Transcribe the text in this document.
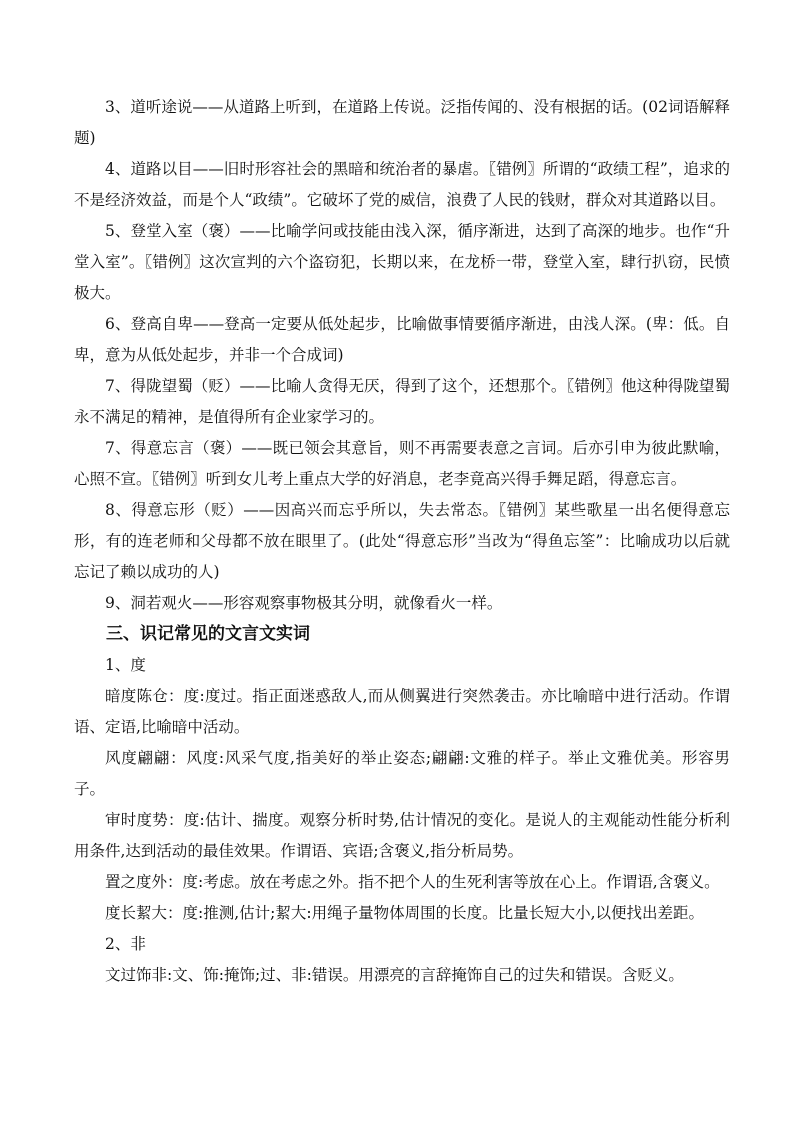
3、道听途说——从道路上听到，在道路上传说。泛指传闻的、没有根据的话。(02词语解释题)

4、道路以目——旧时形容社会的黑暗和统治者的暴虐。〖错例〗所谓的“政绩工程”，追求的不是经济效益，而是个人“政绩”。它破坏了党的威信，浪费了人民的钱财，群众对其道路以目。

5、登堂入室（褒）——比喻学问或技能由浅入深，循序渐进，达到了高深的地步。也作“升堂入室”。〖错例〗这次宣判的六个盗窃犯，长期以来，在龙桥一带，登堂入室，肆行扒窃，民愤极大。

6、登高自卑——登高一定要从低处起步，比喻做事情要循序渐进，由浅人深。(卑：低。自卑，意为从低处起步，并非一个合成词)

7、得陇望蜀（贬）——比喻人贪得无厌，得到了这个，还想那个。〖错例〗他这种得陇望蜀永不满足的精神，是值得所有企业家学习的。

7、得意忘言（褒）——既已领会其意旨，则不再需要表意之言词。后亦引申为彼此默喻，心照不宣。〖错例〗听到女儿考上重点大学的好消息，老李竟高兴得手舞足蹈，得意忘言。

8、得意忘形（贬）——因高兴而忘乎所以，失去常态。〖错例〗某些歌星一出名便得意忘形，有的连老师和父母都不放在眼里了。(此处“得意忘形”当改为“得鱼忘筌”：比喻成功以后就忘记了赖以成功的人)

9、洞若观火——形容观察事物极其分明，就像看火一样。

三、识记常见的文言文实词

1、度

暗度陈仓：度:度过。指正面迷惑敌人,而从侧翼进行突然袭击。亦比喻暗中进行活动。作谓语、定语,比喻暗中活动。

风度翩翩：风度:风采气度,指美好的举止姿态;翩翩:文雅的样子。举止文雅优美。形容男子。

审时度势：度:估计、揣度。观察分析时势,估计情况的变化。是说人的主观能动性能分析利用条件,达到活动的最佳效果。作谓语、宾语;含褒义,指分析局势。

置之度外：度:考虑。放在考虑之外。指不把个人的生死利害等放在心上。作谓语,含褒义。

度长絜大：度:推测,估计;絜大:用绳子量物体周围的长度。比量长短大小,以便找出差距。

2、非

文过饰非:文、饰:掩饰;过、非:错误。用漂亮的言辞掩饰自己的过失和错误。含贬义。
